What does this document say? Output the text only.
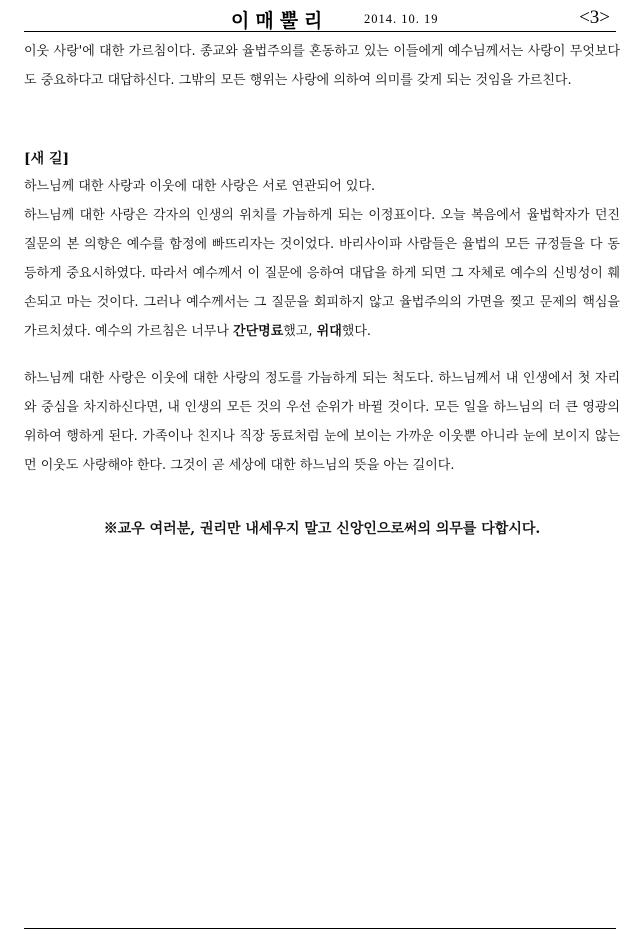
이매뿔리	2014. 10. 19	<3>

이웃 사랑'에 대한 가르침이다. 종교와 율법주의를 혼동하고 있는 이들에게 예수님께서는 사랑이 무엇보다도 중요하다고 대답하신다. 그밖의 모든 행위는 사랑에 의하여 의미를 갖게 되는 것임을 가르친다.

[새 길]

하느님께 대한 사랑과 이웃에 대한 사랑은 서로 연관되어 있다.

하느님께 대한 사랑은 각자의 인생의 위치를 가늠하게 되는 이정표이다. 오늘 복음에서 율법학자가 던진 질문의 본 의향은 예수를 함정에 빠뜨리자는 것이었다. 바리사이파 사람들은 율법의 모든 규정들을 다 동등하게 중요시하였다. 따라서 예수께서 이 질문에 응하여 대답을 하게 되면 그 자체로 예수의 신빙성이 훼손되고 마는 것이다. 그러나 예수께서는 그 질문을 회피하지 않고 율법주의의 가면을 찢고 문제의 핵심을 가르치셨다. 예수의 가르침은 너무나 간단명료했고, 위대했다.

하느님께 대한 사랑은 이웃에 대한 사랑의 정도를 가늠하게 되는 척도다. 하느님께서 내 인생에서 첫 자리와 중심을 차지하신다면, 내 인생의 모든 것의 우선 순위가 바뀔 것이다. 모든 일을 하느님의 더 큰 영광의 위하여 행하게 된다. 가족이나 친지나 직장 동료처럼 눈에 보이는 가까운 이웃뿐 아니라 눈에 보이지 않는 먼 이웃도 사랑해야 한다. 그것이 곧 세상에 대한 하느님의 뜻을 아는 길이다.

※교우 여러분, 권리만 내세우지 말고 신앙인으로써의 의무를 다합시다.
